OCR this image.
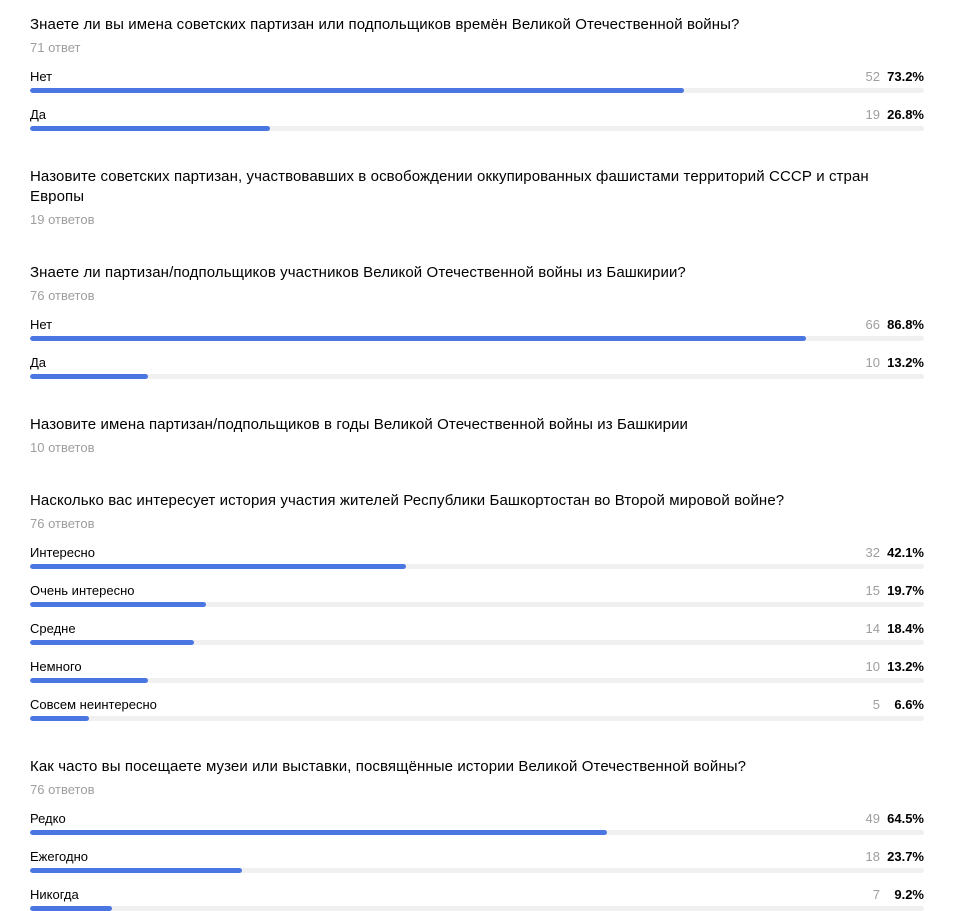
Знаете ли вы имена советских партизан или подпольщиков времён Великой Отечественной войны?
71 ответ
Нет	52 73.2%
Да	19 26.8%
Назовите советских партизан, участвовавших в освобождении оккупированных фашистами территорий СССР и стран Европы
19 ответов
Знаете ли партизан/подпольщиков участников Великой Отечественной войны из Башкирии?
76 ответов
Нет	66 86.8%
Да	10 13.2%
Назовите имена партизан/подпольщиков в годы Великой Отечественной войны из Башкирии
10 ответов
Насколько вас интересует история участия жителей Республики Башкортостан во Второй мировой войне?
76 ответов
Интересно	32 42.1%
Очень интересно	15 19.7%
Средне	14 18.4%
Немного	10 13.2%
Совсем неинтересно	5	6.6%
Как часто вы посещаете музеи или выставки, посвящённые истории Великой Отечественной войны?
76 ответов
Редко	49 64.5%
Ежегодно	18 23.7%
Никогда	7	9.2%
